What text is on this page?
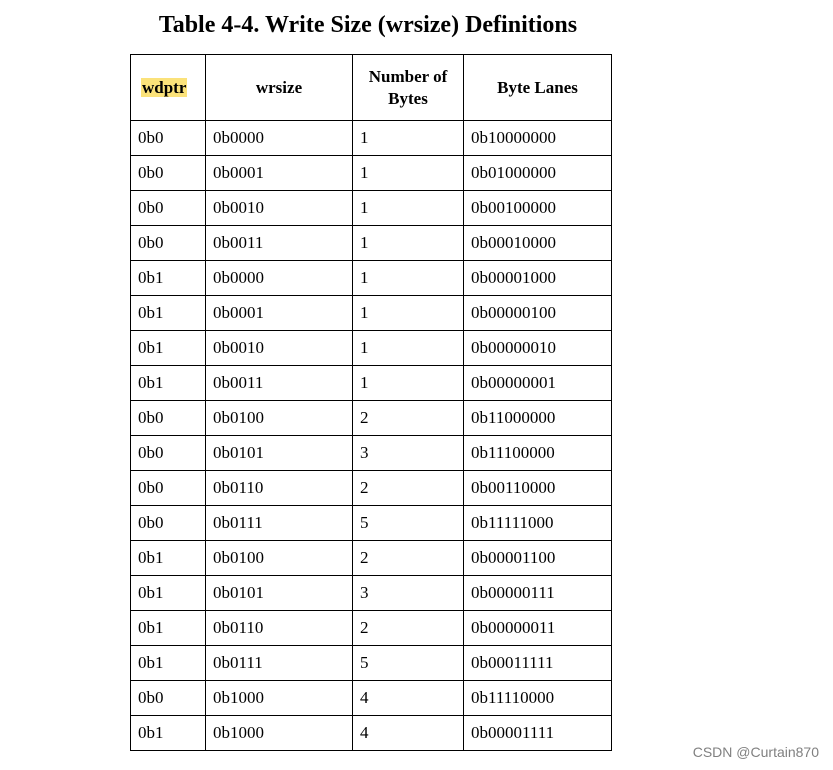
Table 4-4. Write Size (wrsize) Definitions
wdptr	wrsize	Number of Bytes	Byte Lanes
0b0	0b0000	1	0b10000000
0b0	0b0001	1	0b01000000
0b0	0b0010	1	0b00100000
0b0	0b0011	1	0b00010000
0b1	0b0000	1	0b00001000
0b1	0b0001	1	0b00000100
0b1	0b0010	1	0b00000010
0b1	0b0011	1	0b00000001
0b0	0b0100	2	0b11000000
0b0	0b0101	3	0b11100000
0b0	0b0110	2	0b00110000
0b0	0b0111	5	0b11111000
0b1	0b0100	2	0b00001100
0b1	0b0101	3	0b00000111
0b1	0b0110	2	0b00000011
0b1	0b0111	5	0b00011111
0b0	0b1000	4	0b11110000
0b1	0b1000	4	0b00001111
CSDN @Curtain870
